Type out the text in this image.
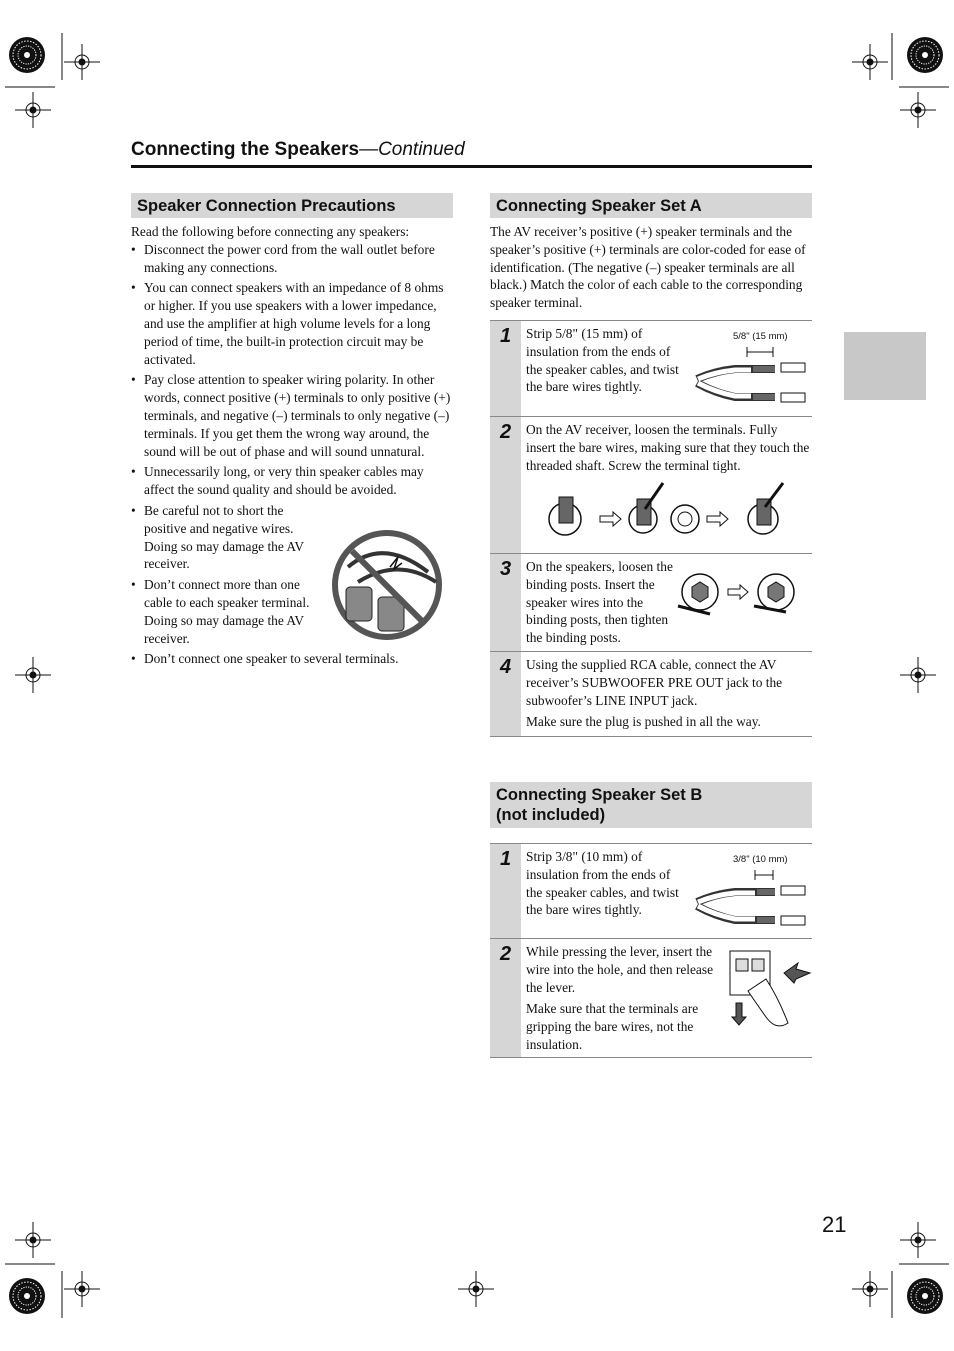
Connecting the Speakers—Continued
Speaker Connection Precautions
Read the following before connecting any speakers:
• Disconnect the power cord from the wall outlet before making any connections.
• You can connect speakers with an impedance of 8 ohms or higher. If you use speakers with a lower impedance, and use the amplifier at high volume levels for a long period of time, the built-in protection circuit may be activated.
• Pay close attention to speaker wiring polarity. In other words, connect positive (+) terminals to only positive (+) terminals, and negative (–) terminals to only negative (–) terminals. If you get them the wrong way around, the sound will be out of phase and will sound unnatural.
• Unnecessarily long, or very thin speaker cables may affect the sound quality and should be avoided.
• Be careful not to short the positive and negative wires. Doing so may damage the AV receiver.
• Don’t connect more than one cable to each speaker terminal. Doing so may damage the AV receiver.
• Don’t connect one speaker to several terminals.
Connecting Speaker Set A
The AV receiver’s positive (+) speaker terminals and the speaker’s positive (+) terminals are color-coded for ease of identification. (The negative (–) speaker terminals are all black.) Match the color of each cable to the corresponding speaker terminal.
1	Strip 5/8" (15 mm) of insulation from the ends of the speaker cables, and twist the bare wires tightly.
5/8" (15 mm)
2	On the AV receiver, loosen the terminals. Fully insert the bare wires, making sure that they touch the threaded shaft. Screw the terminal tight.
3	On the speakers, loosen the binding posts. Insert the speaker wires into the binding posts, then tighten the binding posts.
4	Using the supplied RCA cable, connect the AV receiver’s SUBWOOFER PRE OUT jack to the subwoofer’s LINE INPUT jack.
Make sure the plug is pushed in all the way.
Connecting Speaker Set B
(not included)
1	Strip 3/8" (10 mm) of insulation from the ends of the speaker cables, and twist the bare wires tightly.
3/8" (10 mm)
2	While pressing the lever, insert the wire into the hole, and then release the lever.
Make sure that the terminals are gripping the bare wires, not the insulation.
21
